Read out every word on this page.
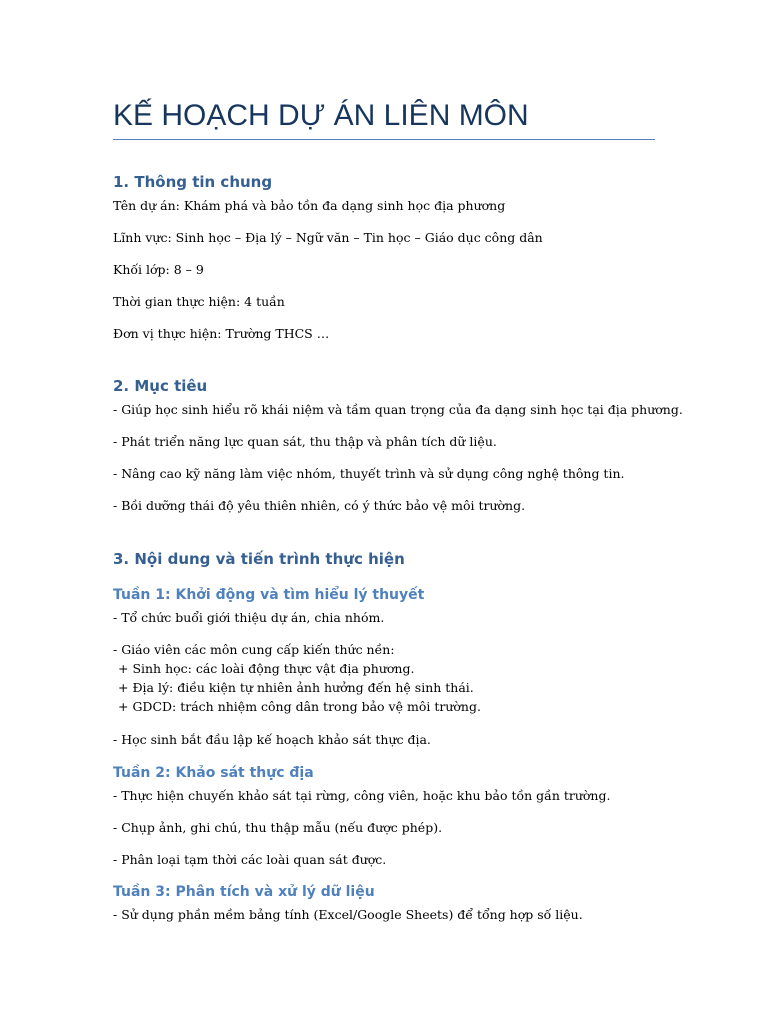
KẾ HOẠCH DỰ ÁN LIÊN MÔN
1. Thông tin chung

Tên dự án: Khám phá và bảo tồn đa dạng sinh học địa phương

Lĩnh vực: Sinh học – Địa lý – Ngữ văn – Tin học – Giáo dục công dân

Khối lớp: 8 – 9

Thời gian thực hiện: 4 tuần

Đơn vị thực hiện: Trường THCS …

2. Mục tiêu

- Giúp học sinh hiểu rõ khái niệm và tầm quan trọng của đa dạng sinh học tại địa phương.

- Phát triển năng lực quan sát, thu thập và phân tích dữ liệu.

- Nâng cao kỹ năng làm việc nhóm, thuyết trình và sử dụng công nghệ thông tin.

- Bồi dưỡng thái độ yêu thiên nhiên, có ý thức bảo vệ môi trường.

3. Nội dung và tiến trình thực hiện
Tuần 1: Khởi động và tìm hiểu lý thuyết

- Tổ chức buổi giới thiệu dự án, chia nhóm.

- Giáo viên các môn cung cấp kiến thức nền:

+ Sinh học: các loài động thực vật địa phương.

+ Địa lý: điều kiện tự nhiên ảnh hưởng đến hệ sinh thái.

+ GDCD: trách nhiệm công dân trong bảo vệ môi trường.

- Học sinh bắt đầu lập kế hoạch khảo sát thực địa.

Tuần 2: Khảo sát thực địa

- Thực hiện chuyến khảo sát tại rừng, công viên, hoặc khu bảo tồn gần trường.

- Chụp ảnh, ghi chú, thu thập mẫu (nếu được phép).

- Phân loại tạm thời các loài quan sát được.

Tuần 3: Phân tích và xử lý dữ liệu

- Sử dụng phần mềm bảng tính (Excel/Google Sheets) để tổng hợp số liệu.
